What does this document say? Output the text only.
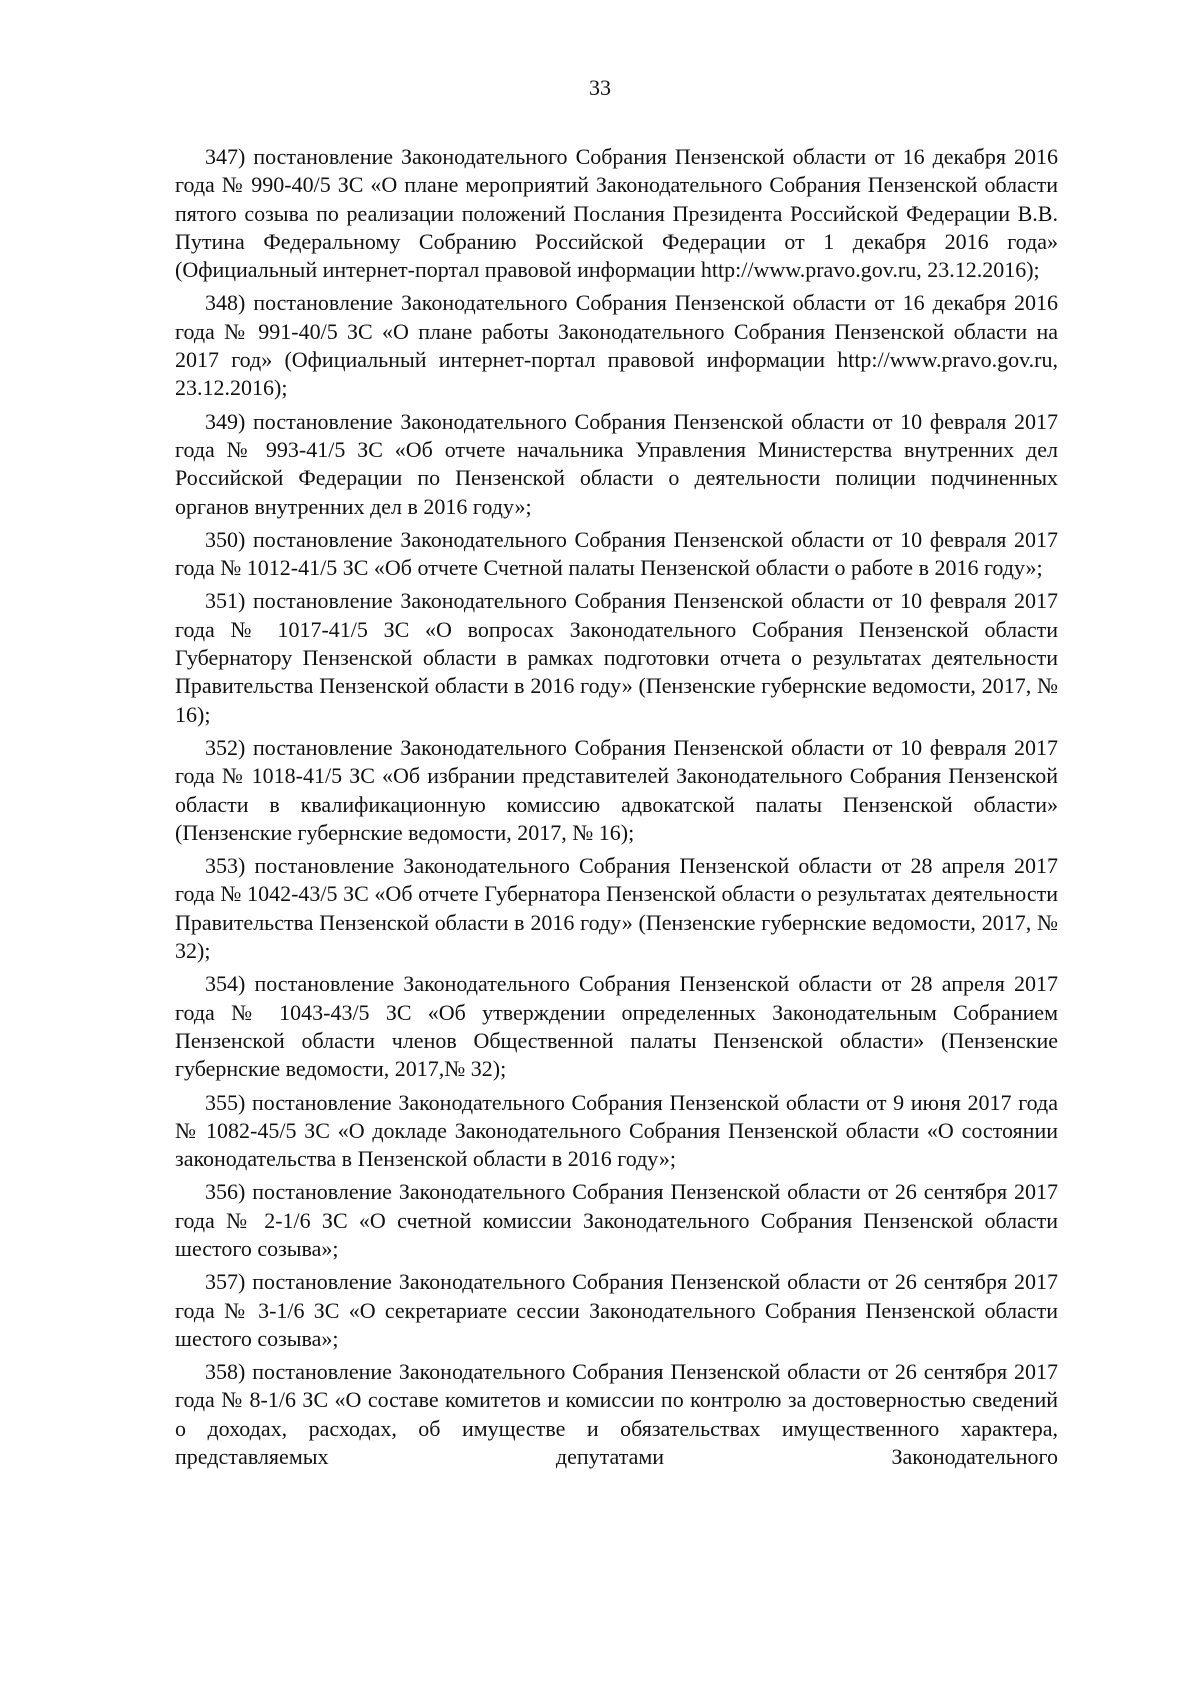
33

347) постановление Законодательного Собрания Пензенской области от 16 декабря 2016 года № 990-40/5 ЗС «О плане мероприятий Законодательного Собрания Пензенской области пятого созыва по реализации положений Послания Президента Российской Федерации В.В. Путина Федеральному Собранию Российской Федерации от 1 декабря 2016 года» (Официальный интернет-портал правовой информации http://www.pravo.gov.ru, 23.12.2016);

348) постановление Законодательного Собрания Пензенской области от 16 декабря 2016 года № 991-40/5 ЗС «О плане работы Законодательного Собрания Пензенской области на 2017 год» (Официальный интернет-портал правовой информации http://www.pravo.gov.ru, 23.12.2016);

349) постановление Законодательного Собрания Пензенской области от 10 февраля 2017 года № 993-41/5 ЗС «Об отчете начальника Управления Министерства внутренних дел Российской Федерации по Пензенской области о деятельности полиции подчиненных органов внутренних дел в 2016 году»;

350) постановление Законодательного Собрания Пензенской области от 10 февраля 2017 года № 1012-41/5 ЗС «Об отчете Счетной палаты Пензенской области о работе в 2016 году»;

351) постановление Законодательного Собрания Пензенской области от 10 февраля 2017 года № 1017-41/5 ЗС «О вопросах Законодательного Собрания Пензенской области Губернатору Пензенской области в рамках подготовки отчета о результатах деятельности Правительства Пензенской области в 2016 году» (Пензенские губернские ведомости, 2017, № 16);

352) постановление Законодательного Собрания Пензенской области от 10 февраля 2017 года № 1018-41/5 ЗС «Об избрании представителей Законодательного Собрания Пензенской области в квалификационную комиссию адвокатской палаты Пензенской области» (Пензенские губернские ведомости, 2017, № 16);

353) постановление Законодательного Собрания Пензенской области от 28 апреля 2017 года № 1042-43/5 ЗС «Об отчете Губернатора Пензенской области о результатах деятельности Правительства Пензенской области в 2016 году» (Пензенские губернские ведомости, 2017, № 32);

354) постановление Законодательного Собрания Пензенской области от 28 апреля 2017 года № 1043-43/5 ЗС «Об утверждении определенных Законодательным Собранием Пензенской области членов Общественной палаты Пензенской области» (Пензенские губернские ведомости, 2017,№ 32);

355) постановление Законодательного Собрания Пензенской области от 9 июня 2017 года № 1082-45/5 ЗС «О докладе Законодательного Собрания Пензенской области «О состоянии законодательства в Пензенской области в 2016 году»;

356) постановление Законодательного Собрания Пензенской области от 26 сентября 2017 года № 2-1/6 ЗС «О счетной комиссии Законодательного Собрания Пензенской области шестого созыва»;

357) постановление Законодательного Собрания Пензенской области от 26 сентября 2017 года № 3-1/6 ЗС «О секретариате сессии Законодательного Собрания Пензенской области шестого созыва»;

358) постановление Законодательного Собрания Пензенской области от 26 сентября 2017 года № 8-1/6 ЗС «О составе комитетов и комиссии по контролю за достоверностью сведений о доходах, расходах, об имуществе и обязательствах имущественного характера, представляемых депутатами Законодательного
